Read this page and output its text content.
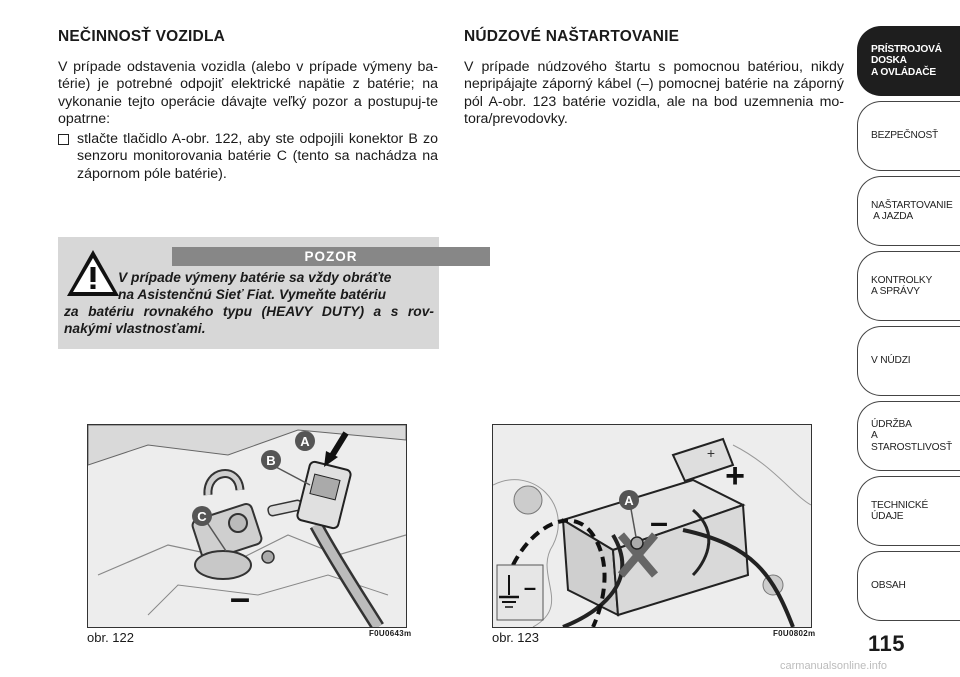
NEČINNOSŤ VOZIDLA

V prípade odstavenia vozidla (alebo v prípade výmeny ba-térie) je potrebné odpojiť elektrické napätie z batérie; na vykonanie tejto operácie dávajte veľký pozor a postupuj-te opatrne:

stlačte tlačidlo A-obr. 122, aby ste odpojili konektor B zo senzoru monitorovania batérie C (tento sa nachádza na zápornom póle batérie).
POZOR
V prípade výmeny batérie sa vždy obráťte
na Asistenčnú Sieť Fiat. Vymeňte batériu
za batériu rovnakého typu (HEAVY DUTY) a s rov-nakými vlastnosťami.
NÚDZOVÉ NAŠTARTOVANIE

V prípade núdzového štartu s pomocnou batériou, nikdy nepripájajte záporný kábel (–) pomocnej batérie na záporný pól A-obr. 123 batérie vozidla, ale na bod uzemnenia mo-tora/prevodovky.

A
B
C
–
obr. 122	F0U0643m
+
–
A
+
–
obr. 123	F0U0802m 115
carmanualsonline.info
PRÍSTROJOVÁ
DOSKA
A OVLÁDAČE
BEZPEČNOSŤ
NAŠTARTOVANIE
A JAZDA
KONTROLKY
A SPRÁVY
V NÚDZI
ÚDRŽBA
A STAROSTLIVOSŤ
TECHNICKÉ ÚDAJE
OBSAH
